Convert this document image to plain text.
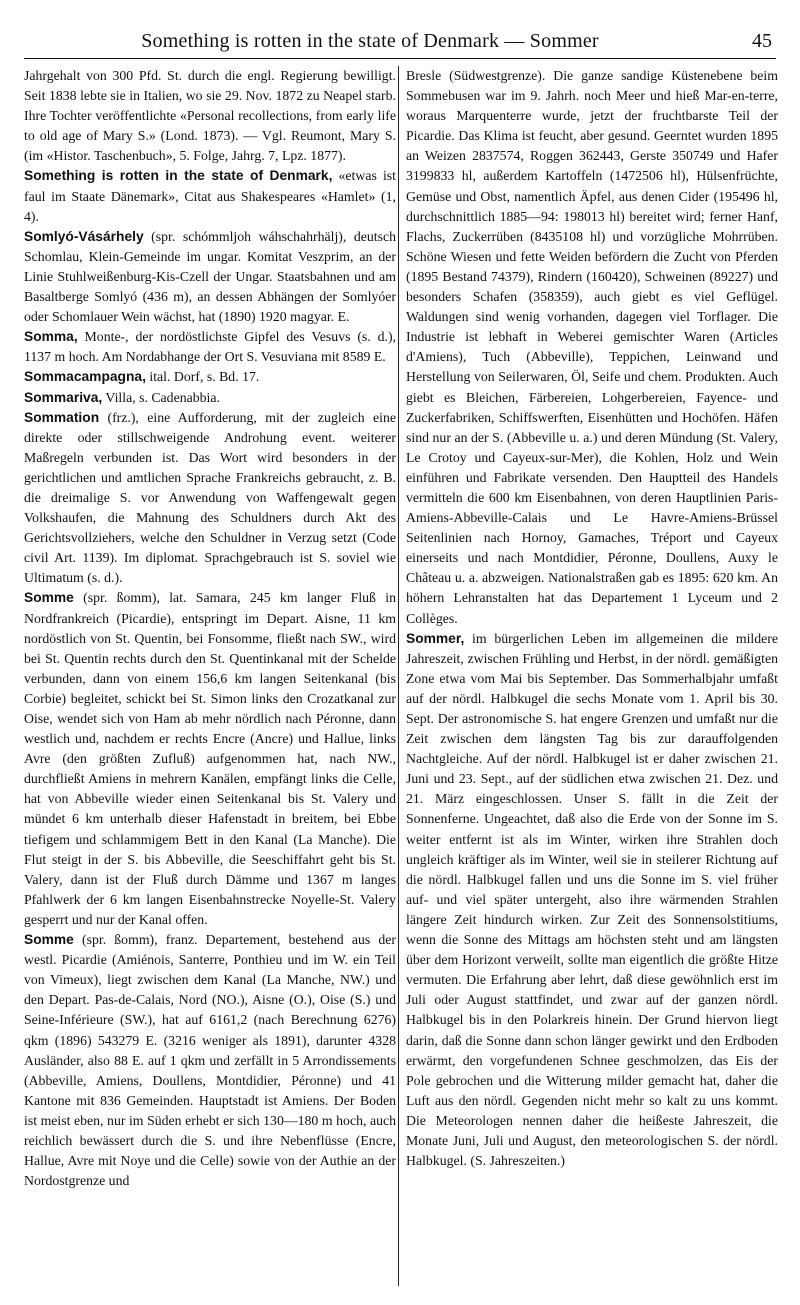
Something is rotten in the state of Denmark — Sommer	45

Jahrgehalt von 300 Pfd. St. durch die engl. Regierung bewilligt. Seit 1838 lebte sie in Italien, wo sie 29. Nov. 1872 zu Neapel starb. Ihre Tochter veröffentlichte «Personal recollections, from early life to old age of Mary S.» (Lond. 1873). — Vgl. Reumont, Mary S. (im «Histor. Taschenbuch», 5. Folge, Jahrg. 7, Lpz. 1877).

Something is rotten in the state of Denmark, «etwas ist faul im Staate Dänemark», Citat aus Shakespeares «Hamlet» (1, 4).

Somlyó-Vásárhely (spr. schómmljoh wáhschahrhälj), deutsch Schomlau, Klein-Gemeinde im ungar. Komitat Veszprim, an der Linie Stuhlweißenburg-Kis-Czell der Ungar. Staatsbahnen und am Basaltberge Somlyó (436 m), an dessen Abhängen der Somlyóer oder Schomlauer Wein wächst, hat (1890) 1920 magyar. E.

Somma, Monte-, der nordöstlichste Gipfel des Vesuvs (s. d.), 1137 m hoch. Am Nordabhange der Ort S. Vesuviana mit 8589 E.

Sommacampagna, ital. Dorf, s. Bd. 17.

Sommariva, Villa, s. Cadenabbia.

Sommation (frz.), eine Aufforderung, mit der zugleich eine direkte oder stillschweigende Androhung event. weiterer Maßregeln verbunden ist. Das Wort wird besonders in der gerichtlichen und amtlichen Sprache Frankreichs gebraucht, z. B. die dreimalige S. vor Anwendung von Waffengewalt gegen Volkshaufen, die Mahnung des Schuldners durch Akt des Gerichtsvollziehers, welche den Schuldner in Verzug setzt (Code civil Art. 1139). Im diplomat. Sprachgebrauch ist S. soviel wie Ultimatum (s. d.).

Somme (spr. ßomm), lat. Samara, 245 km langer Fluß in Nordfrankreich (Picardie), entspringt im Depart. Aisne, 11 km nordöstlich von St. Quentin, bei Fonsomme, fließt nach SW., wird bei St. Quentin rechts durch den St. Quentinkanal mit der Schelde verbunden, dann von einem 156,6 km langen Seitenkanal (bis Corbie) begleitet, schickt bei St. Simon links den Crozatkanal zur Oise, wendet sich von Ham ab mehr nördlich nach Péronne, dann westlich und, nachdem er rechts Encre (Ancre) und Hallue, links Avre (den größten Zufluß) aufgenommen hat, nach NW., durchfließt Amiens in mehrern Kanälen, empfängt links die Celle, hat von Abbeville wieder einen Seitenkanal bis St. Valery und mündet 6 km unterhalb dieser Hafenstadt in breitem, bei Ebbe tiefigem und schlammigem Bett in den Kanal (La Manche). Die Flut steigt in der S. bis Abbeville, die Seeschiffahrt geht bis St. Valery, dann ist der Fluß durch Dämme und 1367 m langes Pfahlwerk der 6 km langen Eisenbahnstrecke Noyelle-St. Valery gesperrt und nur der Kanal offen.

Somme (spr. ßomm), franz. Departement, bestehend aus der westl. Picardie (Amiénois, Santerre, Ponthieu und im W. ein Teil von Vimeux), liegt zwischen dem Kanal (La Manche, NW.) und den Depart. Pas-de-Calais, Nord (NO.), Aisne (O.), Oise (S.) und Seine-Inférieure (SW.), hat auf 6161,2 (nach Berechnung 6276) qkm (1896) 543279 E. (3216 weniger als 1891), darunter 4328 Ausländer, also 88 E. auf 1 qkm und zerfällt in 5 Arrondissements (Abbeville, Amiens, Doullens, Montdidier, Péronne) und 41 Kantone mit 836 Gemeinden. Hauptstadt ist Amiens. Der Boden ist meist eben, nur im Süden erhebt er sich 130—180 m hoch, auch reichlich bewässert durch die S. und ihre Nebenflüsse (Encre, Hallue, Avre mit Noye und die Celle) sowie von der Authie an der Nordostgrenze und

Bresle (Südwestgrenze). Die ganze sandige Küstenebene beim Sommebusen war im 9. Jahrh. noch Meer und hieß Mar-en-terre, woraus Marquenterre wurde, jetzt der fruchtbarste Teil der Picardie. Das Klima ist feucht, aber gesund. Geerntet wurden 1895 an Weizen 2837574, Roggen 362443, Gerste 350749 und Hafer 3199833 hl, außerdem Kartoffeln (1472506 hl), Hülsenfrüchte, Gemüse und Obst, namentlich Äpfel, aus denen Cider (195496 hl, durchschnittlich 1885—94: 198013 hl) bereitet wird; ferner Hanf, Flachs, Zuckerrüben (8435108 hl) und vorzügliche Mohrrüben. Schöne Wiesen und fette Weiden befördern die Zucht von Pferden (1895 Bestand 74379), Rindern (160420), Schweinen (89227) und besonders Schafen (358359), auch giebt es viel Geflügel. Waldungen sind wenig vorhanden, dagegen viel Torflager. Die Industrie ist lebhaft in Weberei gemischter Waren (Articles d'Amiens), Tuch (Abbeville), Teppichen, Leinwand und Herstellung von Seilerwaren, Öl, Seife und chem. Produkten. Auch giebt es Bleichen, Färbereien, Lohgerbereien, Fayence- und Zuckerfabriken, Schiffswerften, Eisenhütten und Hochöfen. Häfen sind nur an der S. (Abbeville u. a.) und deren Mündung (St. Valery, Le Crotoy und Cayeux-sur-Mer), die Kohlen, Holz und Wein einführen und Fabrikate versenden. Den Hauptteil des Handels vermitteln die 600 km Eisenbahnen, von deren Hauptlinien Paris-Amiens-Abbeville-Calais und Le Havre-Amiens-Brüssel Seitenlinien nach Hornoy, Gamaches, Tréport und Cayeux einerseits und nach Montdidier, Péronne, Doullens, Auxy le Château u. a. abzweigen. Nationalstraßen gab es 1895: 620 km. An höhern Lehranstalten hat das Departement 1 Lyceum und 2 Collèges.

Sommer, im bürgerlichen Leben im allgemeinen die mildere Jahreszeit, zwischen Frühling und Herbst, in der nördl. gemäßigten Zone etwa vom Mai bis September. Das Sommerhalbjahr umfaßt auf der nördl. Halbkugel die sechs Monate vom 1. April bis 30. Sept. Der astronomische S. hat engere Grenzen und umfaßt nur die Zeit zwischen dem längsten Tag bis zur darauffolgenden Nachtgleiche. Auf der nördl. Halbkugel ist er daher zwischen 21. Juni und 23. Sept., auf der südlichen etwa zwischen 21. Dez. und 21. März eingeschlossen. Unser S. fällt in die Zeit der Sonnenferne. Ungeachtet, daß also die Erde von der Sonne im S. weiter entfernt ist als im Winter, wirken ihre Strahlen doch ungleich kräftiger als im Winter, weil sie in steilerer Richtung auf die nördl. Halbkugel fallen und uns die Sonne im S. viel früher auf- und viel später untergeht, also ihre wärmenden Strahlen längere Zeit hindurch wirken. Zur Zeit des Sonnensolstitiums, wenn die Sonne des Mittags am höchsten steht und am längsten über dem Horizont verweilt, sollte man eigentlich die größte Hitze vermuten. Die Erfahrung aber lehrt, daß diese gewöhnlich erst im Juli oder August stattfindet, und zwar auf der ganzen nördl. Halbkugel bis in den Polarkreis hinein. Der Grund hiervon liegt darin, daß die Sonne dann schon länger gewirkt und den Erdboden erwärmt, den vorgefundenen Schnee geschmolzen, das Eis der Pole gebrochen und die Witterung milder gemacht hat, daher die Luft aus den nördl. Gegenden nicht mehr so kalt zu uns kommt. Die Meteorologen nennen daher die heißeste Jahreszeit, die Monate Juni, Juli und August, den meteorologischen S. der nördl. Halbkugel. (S. Jahreszeiten.)
